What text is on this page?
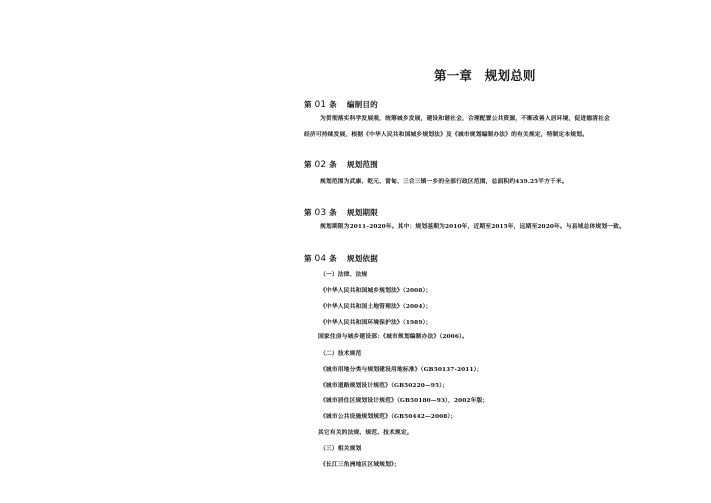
第一章　规划总则
第 01 条 编制目的
为贯彻落实科学发展观，统筹城乡发展，建设和谐社会，合理配置公共资源，不断改善人居环境，促进德清社会
经济可持续发展，根据《中华人民共和国城乡规划法》及《城市规划编制办法》的有关规定，特制定本规划。
第 02 条 规划范围
规划范围为武康、乾元、雷甸、三合三镇一乡的全部行政区范围，总面积约439.25平方千米。
第 03 条 规划期限
规划期限为2011–2020年。其中：规划基期为2010年，近期至2015年，远期至2020年。与县域总体规划一致。
第 04 条 规划依据
（一）法律、法规
《中华人民共和国城乡规划法》（2008）；
《中华人民共和国土地管理法》（2004）；
《中华人民共和国环境保护法》（1989）；
国家住房与城乡建设部：《城市规划编制办法》（2006）。
（二）技术规范
《城市用地分类与规划建设用地标准》（GB50137-2011）；
《城市道路规划设计规范》（GB50220—95）；
《城市居住区规划设计规范》（GB50180—93），2002年版；
《城市公共设施规划规范》（GB50442—2008）；
其它有关的法规、规范、技术规定。
（三）相关规划
《长江三角洲地区区域规划》；
